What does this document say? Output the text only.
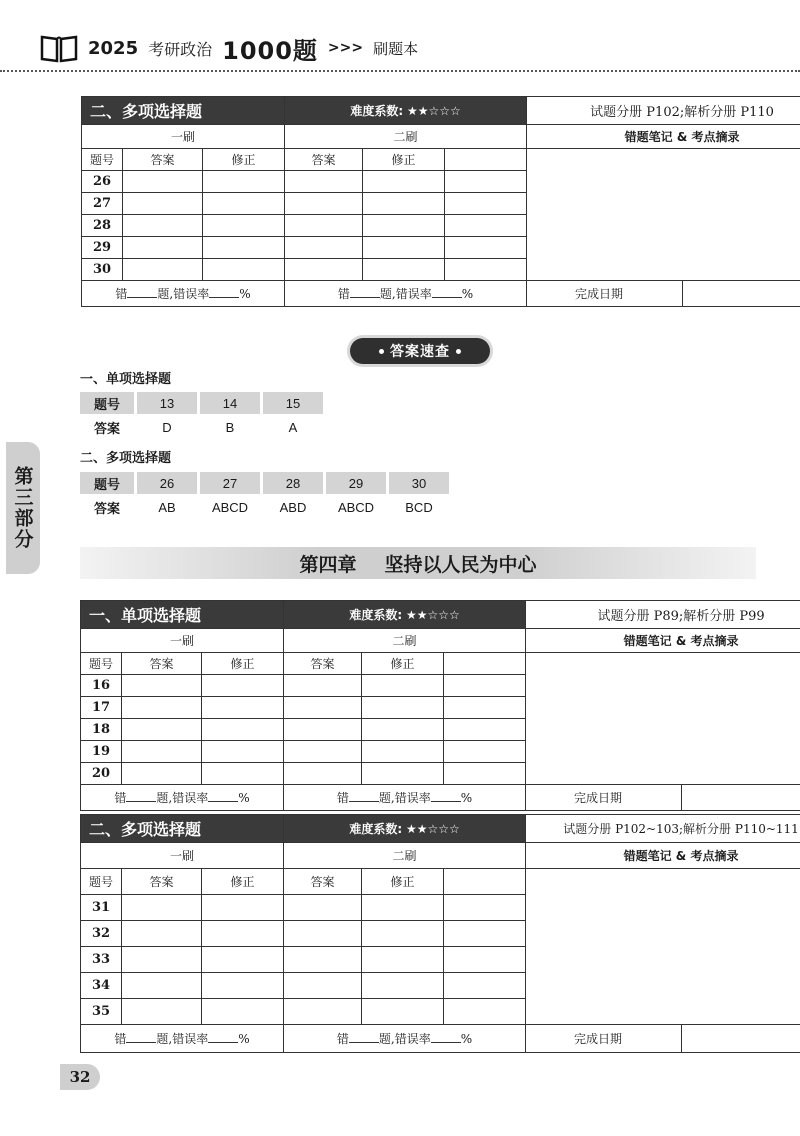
2025 考研政治 1000题 >>> 刷题本
第三部分
二、多项选择题			难度系数: ★★☆☆☆			试题分册 P102;解析分册 P110	
一刷			二刷			错题笔记 & 考点摘录	
题号	答案	修正	答案	修正			

26							
27							
28							
29							
30							
错 题,错误率 %			错 题,错误率 %			完成日期	
答案速查
一、单项选择题
题号	13	14	15
答案	D	B	A
二、多项选择题
题号	26	27	28	29	30
答案	AB	ABCD	ABD	ABCD	BCD
第四章 坚持以人民为中心
一、单项选择题			难度系数: ★★☆☆☆			试题分册 P89;解析分册 P99	
一刷			二刷			错题笔记 & 考点摘录	
题号	答案	修正	答案	修正			

16							
17							
18							
19							
20							
错 题,错误率 %			错 题,错误率 %			完成日期	
二、多项选择题			难度系数: ★★☆☆☆			试题分册 P102~103;解析分册 P110~111	
一刷			二刷			错题笔记 & 考点摘录	
题号	答案	修正	答案	修正			

31							
32							
33							
34							
35							
错 题,错误率 %			错 题,错误率 %			完成日期	
32
